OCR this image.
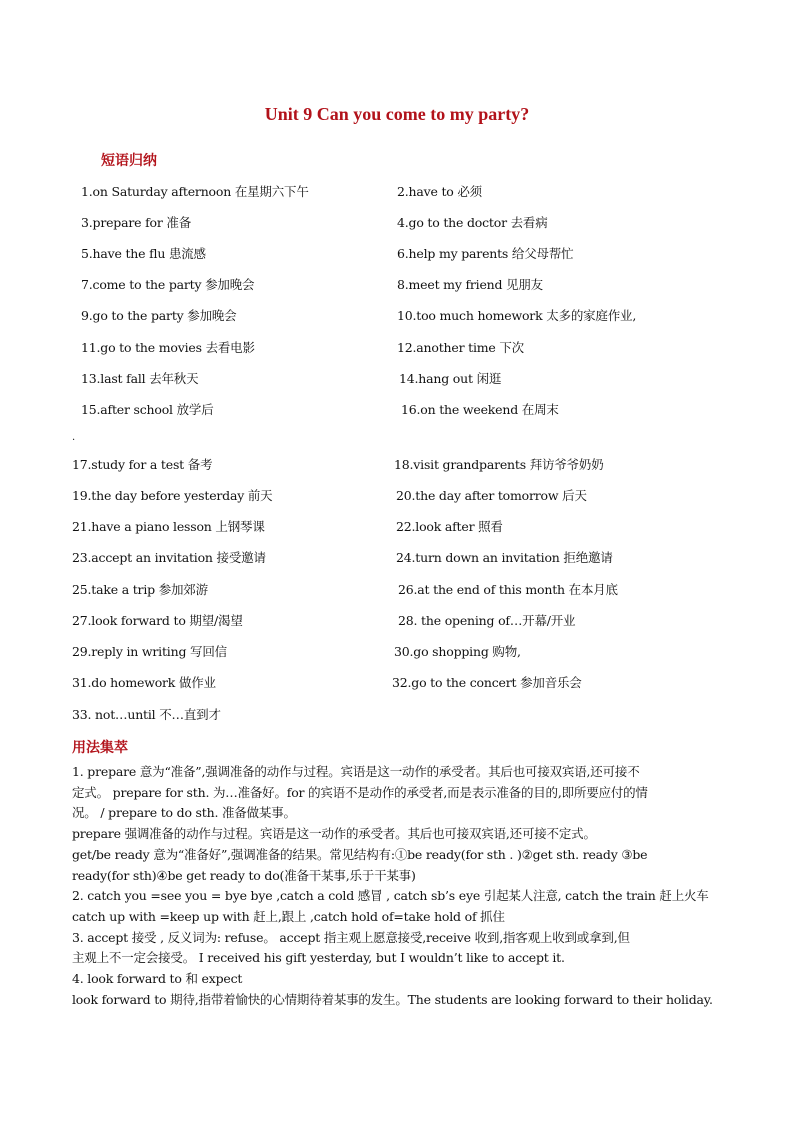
Unit 9 Can you come to my party?
短语归纳
1.on Saturday afternoon 在星期六下午	2.have to 必须
3.prepare for 准备	4.go to the doctor 去看病
5.have the flu 患流感	6.help my parents 给父母帮忙
7.come to the party 参加晚会	8.meet my friend 见朋友
9.go to the party 参加晚会	10.too much homework 太多的家庭作业,
11.go to the movies 去看电影	12.another time 下次
13.last fall 去年秋天	14.hang out 闲逛
15.after school 放学后	16.on the weekend 在周末
.
17.study for a test 备考	18.visit grandparents 拜访爷爷奶奶
19.the day before yesterday 前天	20.the day after tomorrow 后天
21.have a piano lesson 上钢琴课	22.look after 照看
23.accept an invitation 接受邀请	24.turn down an invitation 拒绝邀请
25.take a trip 参加郊游	26.at the end of this month 在本月底
27.look forward to 期望/渴望	28. the opening of…开幕/开业
29.reply in writing 写回信	30.go shopping 购物,
31.do homework 做作业	32.go to the concert 参加音乐会
33. not…until 不…直到才
用法集萃

1. prepare 意为“准备”,强调准备的动作与过程。宾语是这一动作的承受者。其后也可接双宾语,还可接不

定式。 prepare for sth. 为…准备好。for 的宾语不是动作的承受者,而是表示准备的目的,即所要应付的情

况。 / prepare to do sth. 准备做某事。

prepare 强调准备的动作与过程。宾语是这一动作的承受者。其后也可接双宾语,还可接不定式。

get/be ready 意为“准备好”,强调准备的结果。常见结构有:①be ready(for sth . )②get sth. ready ③be

ready(for sth)④be get ready to do(准备干某事,乐于干某事)

2. catch you =see you = bye bye ,catch a cold 感冒 , catch sb’s eye 引起某人注意, catch the train 赶上火车

catch up with =keep up with 赶上,跟上 ,catch hold of=take hold of 抓住

3. accept 接受 , 反义词为: refuse。 accept 指主观上愿意接受,receive 收到,指客观上收到或拿到,但

主观上不一定会接受。 I received his gift yesterday, but I wouldn’t like to accept it.

4. look forward to 和 expect

look forward to 期待,指带着愉快的心情期待着某事的发生。The students are looking forward to their holiday.
